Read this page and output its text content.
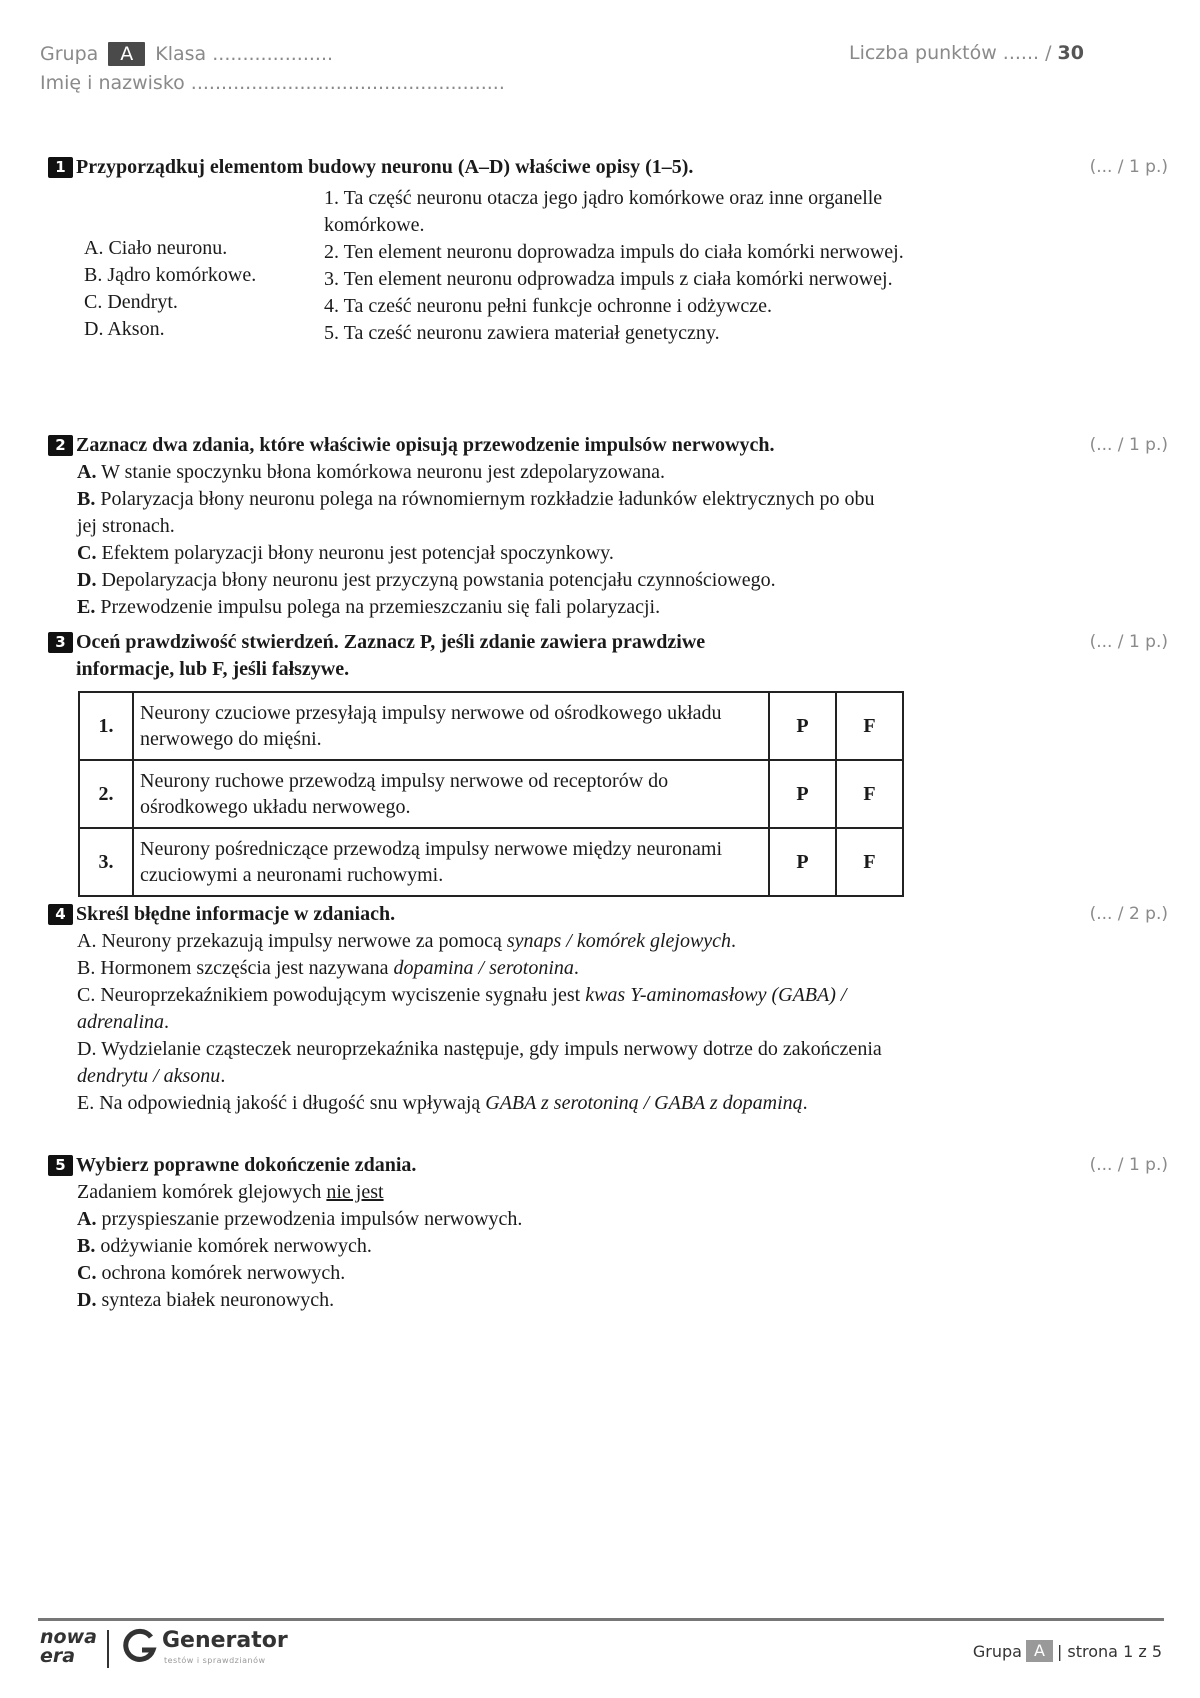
Grupa	A	Klasa ....................
Imię i nazwisko ....................................................
Liczba punktów ...... / 30
1 Przyporządkuj elementom budowy neuronu (A–D) właściwe opisy (1–5).	(... / 1 p.)
A. Ciało neuronu.
B. Jądro komórkowe.
C. Dendryt.
D. Akson.
1. Ta część neuronu otacza jego jądro komórkowe oraz inne organelle komórkowe.
2. Ten element neuronu doprowadza impuls do ciała komórki nerwowej.
3. Ten element neuronu odprowadza impuls z ciała komórki nerwowej.
4. Ta cześć neuronu pełni funkcje ochronne i odżywcze.
5. Ta cześć neuronu zawiera materiał genetyczny.
2 Zaznacz dwa zdania, które właściwie opisują przewodzenie impulsów nerwowych.	(... / 1 p.)
A. W stanie spoczynku błona komórkowa neuronu jest zdepolaryzowana.
B. Polaryzacja błony neuronu polega na równomiernym rozkładzie ładunków elektrycznych po obu jej stronach.
C. Efektem polaryzacji błony neuronu jest potencjał spoczynkowy.
D. Depolaryzacja błony neuronu jest przyczyną powstania potencjału czynnościowego.
E. Przewodzenie impulsu polega na przemieszczaniu się fali polaryzacji.
3 Oceń prawdziwość stwierdzeń. Zaznacz P, jeśli zdanie zawiera prawdziwe informacje, lub F, jeśli fałszywe.
(... / 1 p.)
1.	Neurony czuciowe przesyłają impulsy nerwowe od ośrodkowego układu nerwowego do mięśni.	P	F
2.	Neurony ruchowe przewodzą impulsy nerwowe od receptorów do ośrodkowego układu nerwowego.	P	F
3.	Neurony pośredniczące przewodzą impulsy nerwowe między neuronami czuciowymi a neuronami ruchowymi.	P	F
4 Skreśl błędne informacje w zdaniach.	(... / 2 p.)
A. Neurony przekazują impulsy nerwowe za pomocą synaps / komórek glejowych.
B. Hormonem szczęścia jest nazywana dopamina / serotonina.
C. Neuroprzekaźnikiem powodującym wyciszenie sygnału jest kwas Υ-aminomasłowy (GABA) / adrenalina.
D. Wydzielanie cząsteczek neuroprzekaźnika następuje, gdy impuls nerwowy dotrze do zakończenia dendrytu / aksonu.
E. Na odpowiednią jakość i długość snu wpływają GABA z serotoniną / GABA z dopaminą.
5 Wybierz poprawne dokończenie zdania.	(... / 1 p.)
Zadaniem komórek glejowych nie jest
A. przyspieszanie przewodzenia impulsów nerwowych.
B. odżywianie komórek nerwowych.
C. ochrona komórek nerwowych.
D. synteza białek neuronowych.
nowa
era
Generator
testów i sprawdzianów	Grupa A | strona 1 z 5
